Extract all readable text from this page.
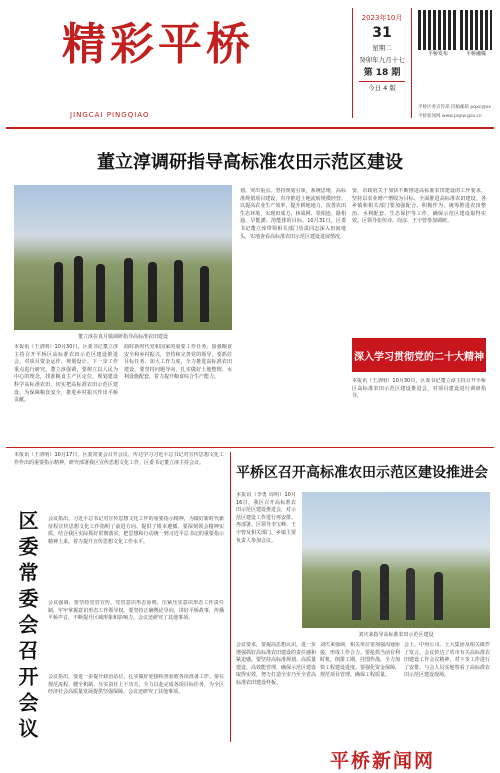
精彩平桥
JINGCAI PINGQIAO
2023年10月
31
星期二
癸卯年九月十七
第 18 期
今日 4 版
平桥发布	平桥融媒
平桥区委宣传部 投稿邮箱 pqxc@xx
平桥新闻网 www.pqxw.gov.cn
董立淳调研指导高标准农田示范区建设
董立淳在真月镇调研指导高标准农田建设
本报讯（王清明）10月30日，区委书记董立淳主持召开平桥区高标准农田示范区建设推进会，对项目资金运作、规划设计、下一步工作重点进行研究。董立淳强调，要树立以人民为中心的理念，找准粮食主产区定位，规划建设科学高标准农田，切实把高标准农田示范区建设，为保障粮食安全，推进乡村振兴作出平桥贡献。
曲时新时代党和国家的重要工作任务，加强粮食安全和乡村振兴，坚持和完善党的领导，要抓住目标任务、加大工作力度，全力推进高标准农田建设，要坚持问题导向，扎实做好土地整理、水利设施配套，着力提升粮食综合生产能力。
划、突出重点、坚持规划引领，系统思维，高标准规划项目建设，有序推进土地流转规模经营。以提高农业生产效率，提升耕地地力，改善农田生态环境，实现田成方、林成网、渠相连、路相通、旱能灌、涝能排的目标。10月31日，区委书记董立淳带领相关部门负责同志深入田间地头，实地查看高标准农田示范区建设进展情况。
要，市政府关于加快不断推进高标准农田建设的工作要求，坚持以农业增产增收为目标、全面推进高标准农田建设。各乡镇和相关部门要加强配合、积极作为，统筹推进农田整治、水利配套、生态保护等工作，确保示范区建设取得实效。区领导张传诗、周彦、王宇曾参加调研。
深入学习贯彻党的二十大精神
本报讯（王清明）10月30日，区委书记董立淳主持召开平桥区高标准农田示范区建设推进会，对项目建设进行调研指导。
本报讯（王清明）10月17日，区委常委会召开会议，传达学习习近平总书记对宣传思想文化工作作出的重要指示精神，研究部署我区宣传思想文化工作。区委书记董立淳主持会议。
区委常委会召开会议	会议指出，习近平总书记对宣传思想文化工作的重要指示精神，为做好新时代新征程宣传思想文化工作指明了前进方向、提供了根本遵循。要深刻领会精神实质，结合我区实际抓好贯彻落实，把思想和行动统一到习近平总书记的重要指示精神上来，着力提升宣传思想文化工作水平。
会议强调，要坚持党管宣传、党管意识形态原则，压紧压实意识形态工作责任制，牢牢掌握意识形态工作领导权。要坚持正确舆论导向，讲好平桥故事，传播平桥声音，不断提升区域形象和影响力。会议还研究了其他事项。
会议指出，要进一步提升政治站位，扎实做好迎接检查验收各项准备工作。要在规范流程、健全机制、压实责任上下功夫，全力以赴完成各项目标任务，为全区经济社会高质量发展提供坚强保障。会议还研究了其他事项。
平桥区召开高标准农田示范区建设推进会
本报讯（李勇 周明）10月16日，我区召开高标准农田示范区建设推进会，对示范区建设工作进行再安排、再部署。区领导李宝峰、王宇曾及相关部门、乡镇主要负责人参加会议。
刘庆来指导高标准农田示范区建设
会议要求，要提高思想认识，进一步增强抓好高标准农田建设的责任感和紧迫感。要坚持高标准规划、高质量建设、高效能管理，确保示范区建设取得实效，努力打造全市乃至全省高标准农田建设样板。
刘庆来强调，相关单位要加强沟通衔接，形成工作合力。要抢抓当前有利时机，倒排工期、挂图作战，全力加快工程建设进度。要强化资金保障，规范项目管理，确保工程质量。
会上，中州公司、土大集团及相关镇作了发言。会议传达了省市有关高标准农田建设工作会议精神，对下步工作进行了安排。与会人员实地察看了高标准农田示范区建设现场。
平桥新闻网
